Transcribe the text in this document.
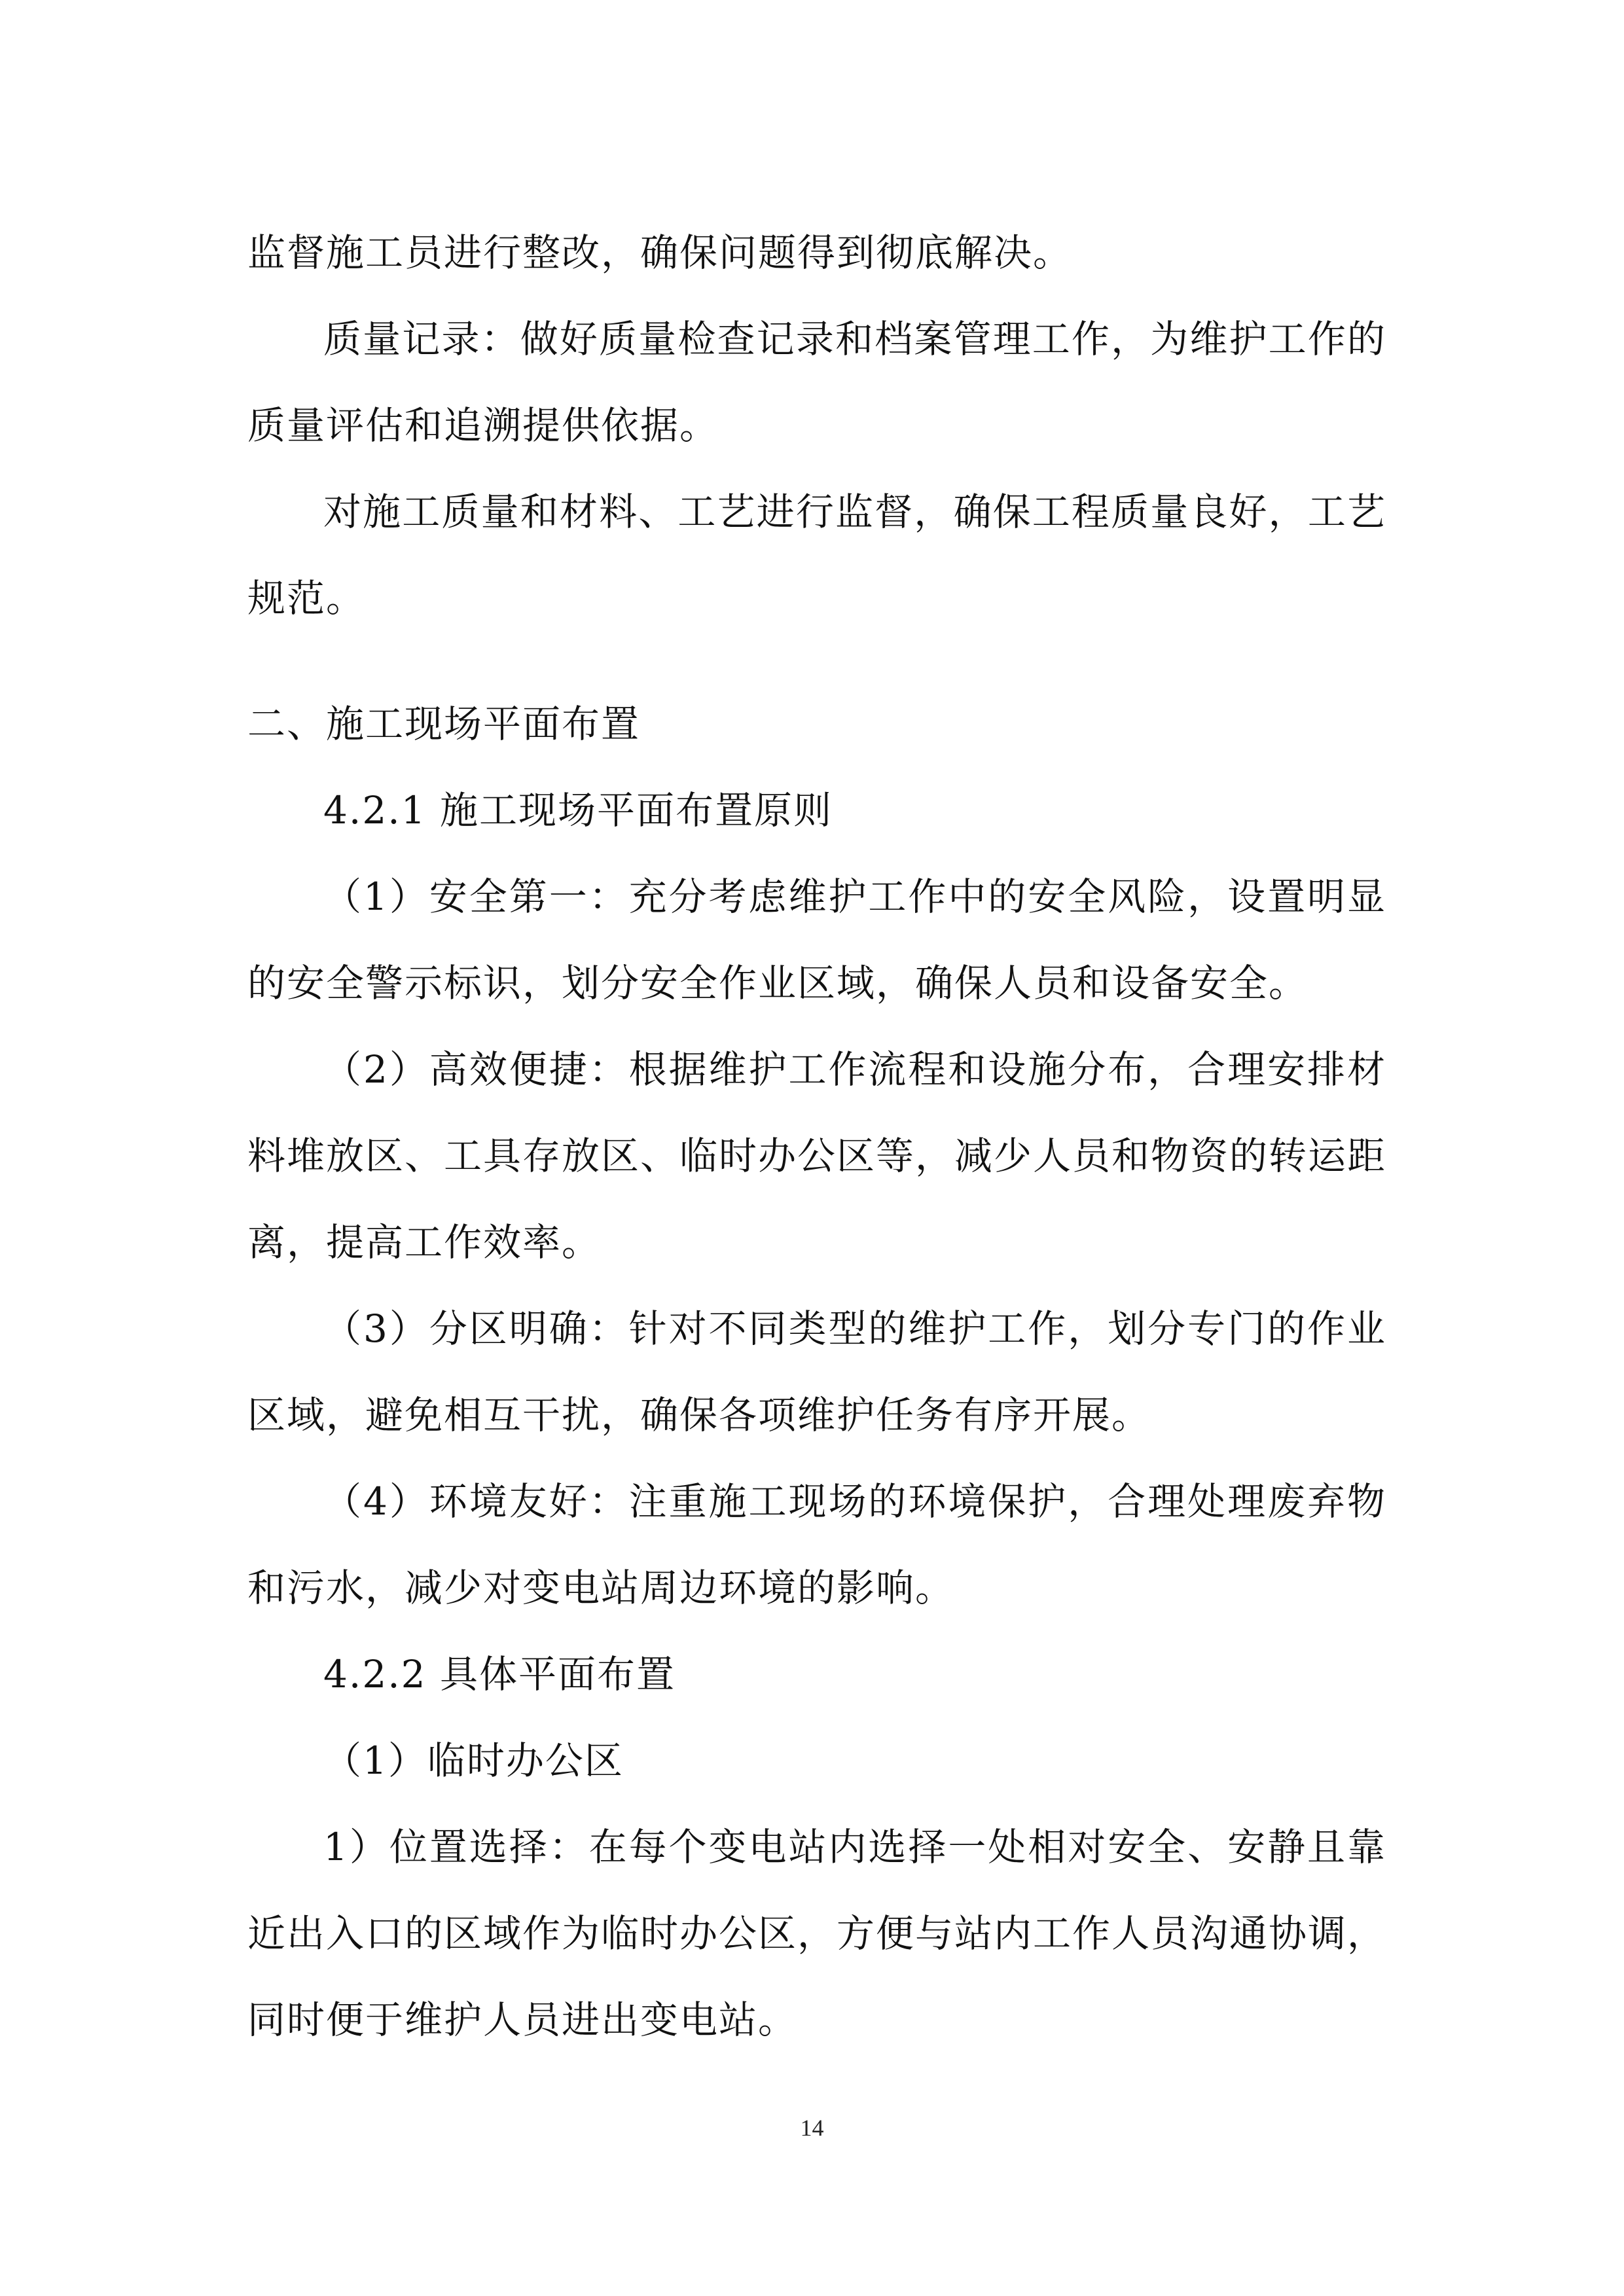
监督施工员进行整改，确保问题得到彻底解决。

质量记录：做好质量检查记录和档案管理工作，为维护工作的质量评估和追溯提供依据。

对施工质量和材料、工艺进行监督，确保工程质量良好，工艺规范。

二、施工现场平面布置

4.2.1 施工现场平面布置原则

（1）安全第一：充分考虑维护工作中的安全风险，设置明显的安全警示标识，划分安全作业区域，确保人员和设备安全。

（2）高效便捷：根据维护工作流程和设施分布，合理安排材料堆放区、工具存放区、临时办公区等，减少人员和物资的转运距离，提高工作效率。

（3）分区明确：针对不同类型的维护工作，划分专门的作业区域，避免相互干扰，确保各项维护任务有序开展。

（4）环境友好：注重施工现场的环境保护，合理处理废弃物和污水，减少对变电站周边环境的影响。

4.2.2 具体平面布置

（1）临时办公区

1）位置选择：在每个变电站内选择一处相对安全、安静且靠近出入口的区域作为临时办公区，方便与站内工作人员沟通协调，同时便于维护人员进出变电站。

14
